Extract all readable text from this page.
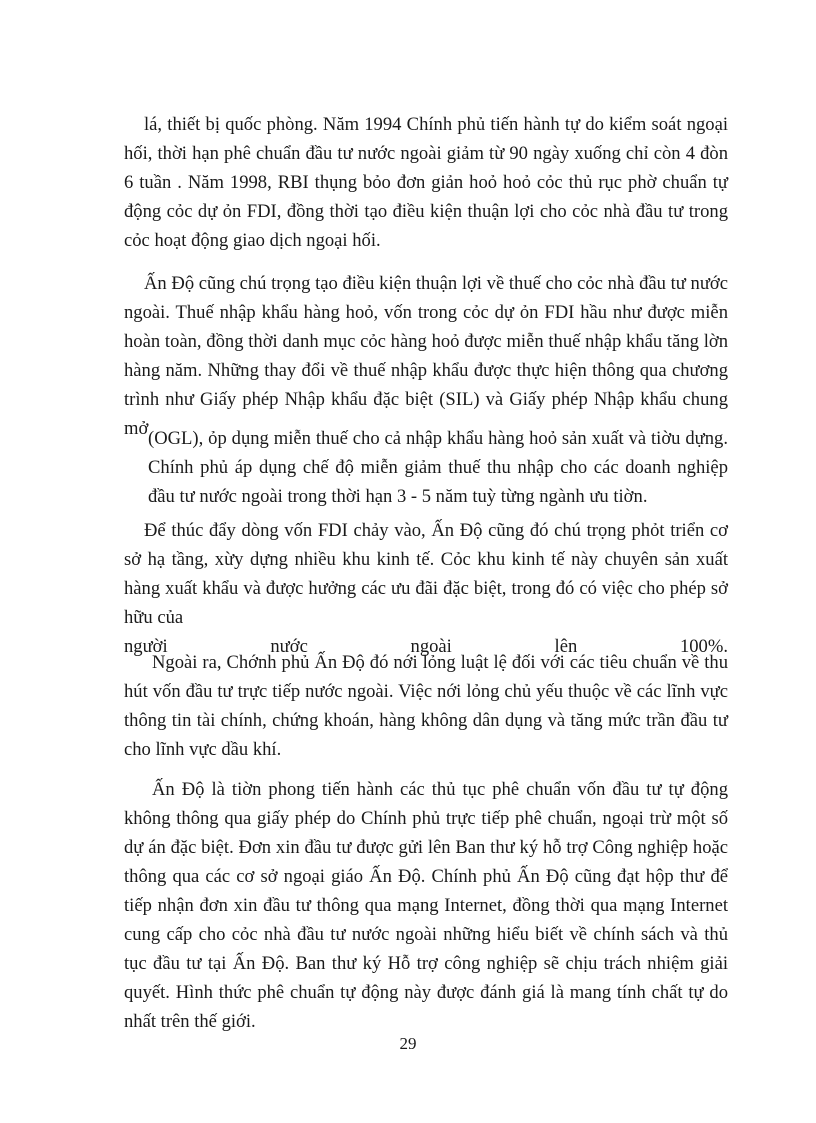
lá, thiết bị quốc phòng. Năm 1994 Chính phủ tiến hành tự do kiểm soát ngoại hối, thời hạn phê chuẩn đầu tư nước ngoài giảm từ 90 ngày xuống chỉ còn 4 đòn 6 tuần . Năm 1998, RBI thụng bỏo đơn giản hoỏ hoỏ cỏc thủ rục phờ chuẩn tự động cỏc dự ỏn FDI, đồng thời tạo điều kiện thuận lợi cho cỏc nhà đầu tư trong cỏc hoạt động giao dịch ngoại hối.

Ấn Độ cũng chú trọng tạo điều kiện thuận lợi về thuế cho cỏc nhà đầu tư nước ngoài. Thuế nhập khẩu hàng hoỏ, vốn trong cỏc dự ỏn FDI hầu như được miễn hoàn toàn, đồng thời danh mục cỏc hàng hoỏ được miễn thuế nhập khẩu tăng lờn hàng năm. Những thay đổi về thuế nhập khẩu được thực hiện thông qua chương trình như Giấy phép Nhập khẩu đặc biệt (SIL) và Giấy phép Nhập khẩu chung mở (OGL), ỏp dụng miễn thuế cho cả nhập khẩu hàng hoỏ sản xuất và tiờu dựng. Chính phủ áp dụng chế độ miễn giảm thuế thu nhập cho các doanh nghiệp đầu tư nước ngoài trong thời hạn 3 - 5 năm tuỳ từng ngành ưu tiờn.

Để thúc đẩy dòng vốn FDI chảy vào, Ấn Độ cũng đó chú trọng phỏt triển cơ sở hạ tầng, xừy dựng nhiều khu kinh tế. Cỏc khu kinh tế này chuyên sản xuất hàng xuất khẩu và được hưởng các ưu đãi đặc biệt, trong đó có việc cho phép sở hữu của

người nước ngoài lên 100%.

Ngoài ra, Chớnh phủ Ấn Độ đó nới lỏng luật lệ đối với các tiêu chuẩn về thu hút vốn đầu tư trực tiếp nước ngoài. Việc nới lỏng chủ yếu thuộc về các lĩnh vực thông tin tài chính, chứng khoán, hàng không dân dụng và tăng mức trần đầu tư cho lĩnh vực dầu khí.

Ấn Độ là tiờn phong tiến hành các thủ tục phê chuẩn vốn đầu tư tự động không thông qua giấy phép do Chính phủ trực tiếp phê chuẩn, ngoại trừ một số dự án đặc biệt. Đơn xin đầu tư được gửi lên Ban thư ký hỗ trợ Công nghiệp hoặc thông qua các cơ sở ngoại giáo Ấn Độ. Chính phủ Ấn Độ cũng đạt hộp thư để tiếp nhận đơn xin đầu tư thông qua mạng Internet, đồng thời qua mạng Internet cung cấp cho cỏc nhà đầu tư nước ngoài những hiểu biết về chính sách và thủ tục đầu tư tại Ấn Độ. Ban thư ký Hỗ trợ công nghiệp sẽ chịu trách nhiệm giải quyết. Hình thức phê chuẩn tự động này được đánh giá là mang tính chất tự do nhất trên thế giới.

29
